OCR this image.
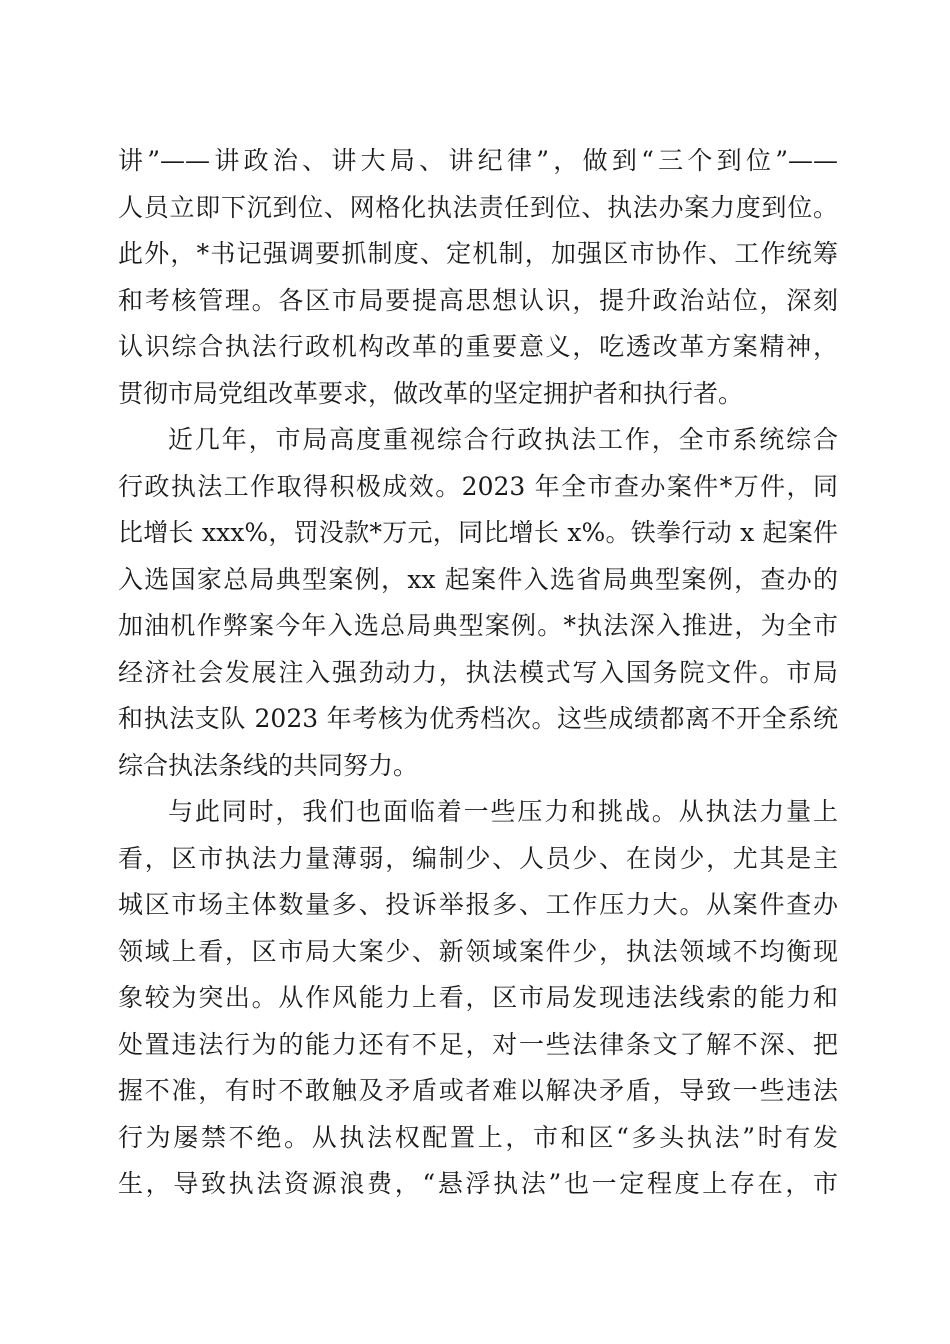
讲”——讲政治、讲大局、讲纪律”，做到“三个到位”——
人员立即下沉到位、网格化执法责任到位、执法办案力度到位。
此外，*书记强调要抓制度、定机制，加强区市协作、工作统筹
和考核管理。各区市局要提高思想认识，提升政治站位，深刻
认识综合执法行政机构改革的重要意义，吃透改革方案精神，
贯彻市局党组改革要求，做改革的坚定拥护者和执行者。
近几年，市局高度重视综合行政执法工作，全市系统综合
行政执法工作取得积极成效。2023 年全市查办案件*万件，同
比增长 xxx%，罚没款*万元，同比增长 x%。铁拳行动 x 起案件
入选国家总局典型案例，xx 起案件入选省局典型案例，查办的
加油机作弊案今年入选总局典型案例。*执法深入推进，为全市
经济社会发展注入强劲动力，执法模式写入国务院文件。市局
和执法支队 2023 年考核为优秀档次。这些成绩都离不开全系统
综合执法条线的共同努力。
与此同时，我们也面临着一些压力和挑战。从执法力量上
看，区市执法力量薄弱，编制少、人员少、在岗少，尤其是主
城区市场主体数量多、投诉举报多、工作压力大。从案件查办
领域上看，区市局大案少、新领域案件少，执法领域不均衡现
象较为突出。从作风能力上看，区市局发现违法线索的能力和
处置违法行为的能力还有不足，对一些法律条文了解不深、把
握不准，有时不敢触及矛盾或者难以解决矛盾，导致一些违法
行为屡禁不绝。从执法权配置上，市和区“多头执法”时有发
生，导致执法资源浪费，“悬浮执法”也一定程度上存在，市
